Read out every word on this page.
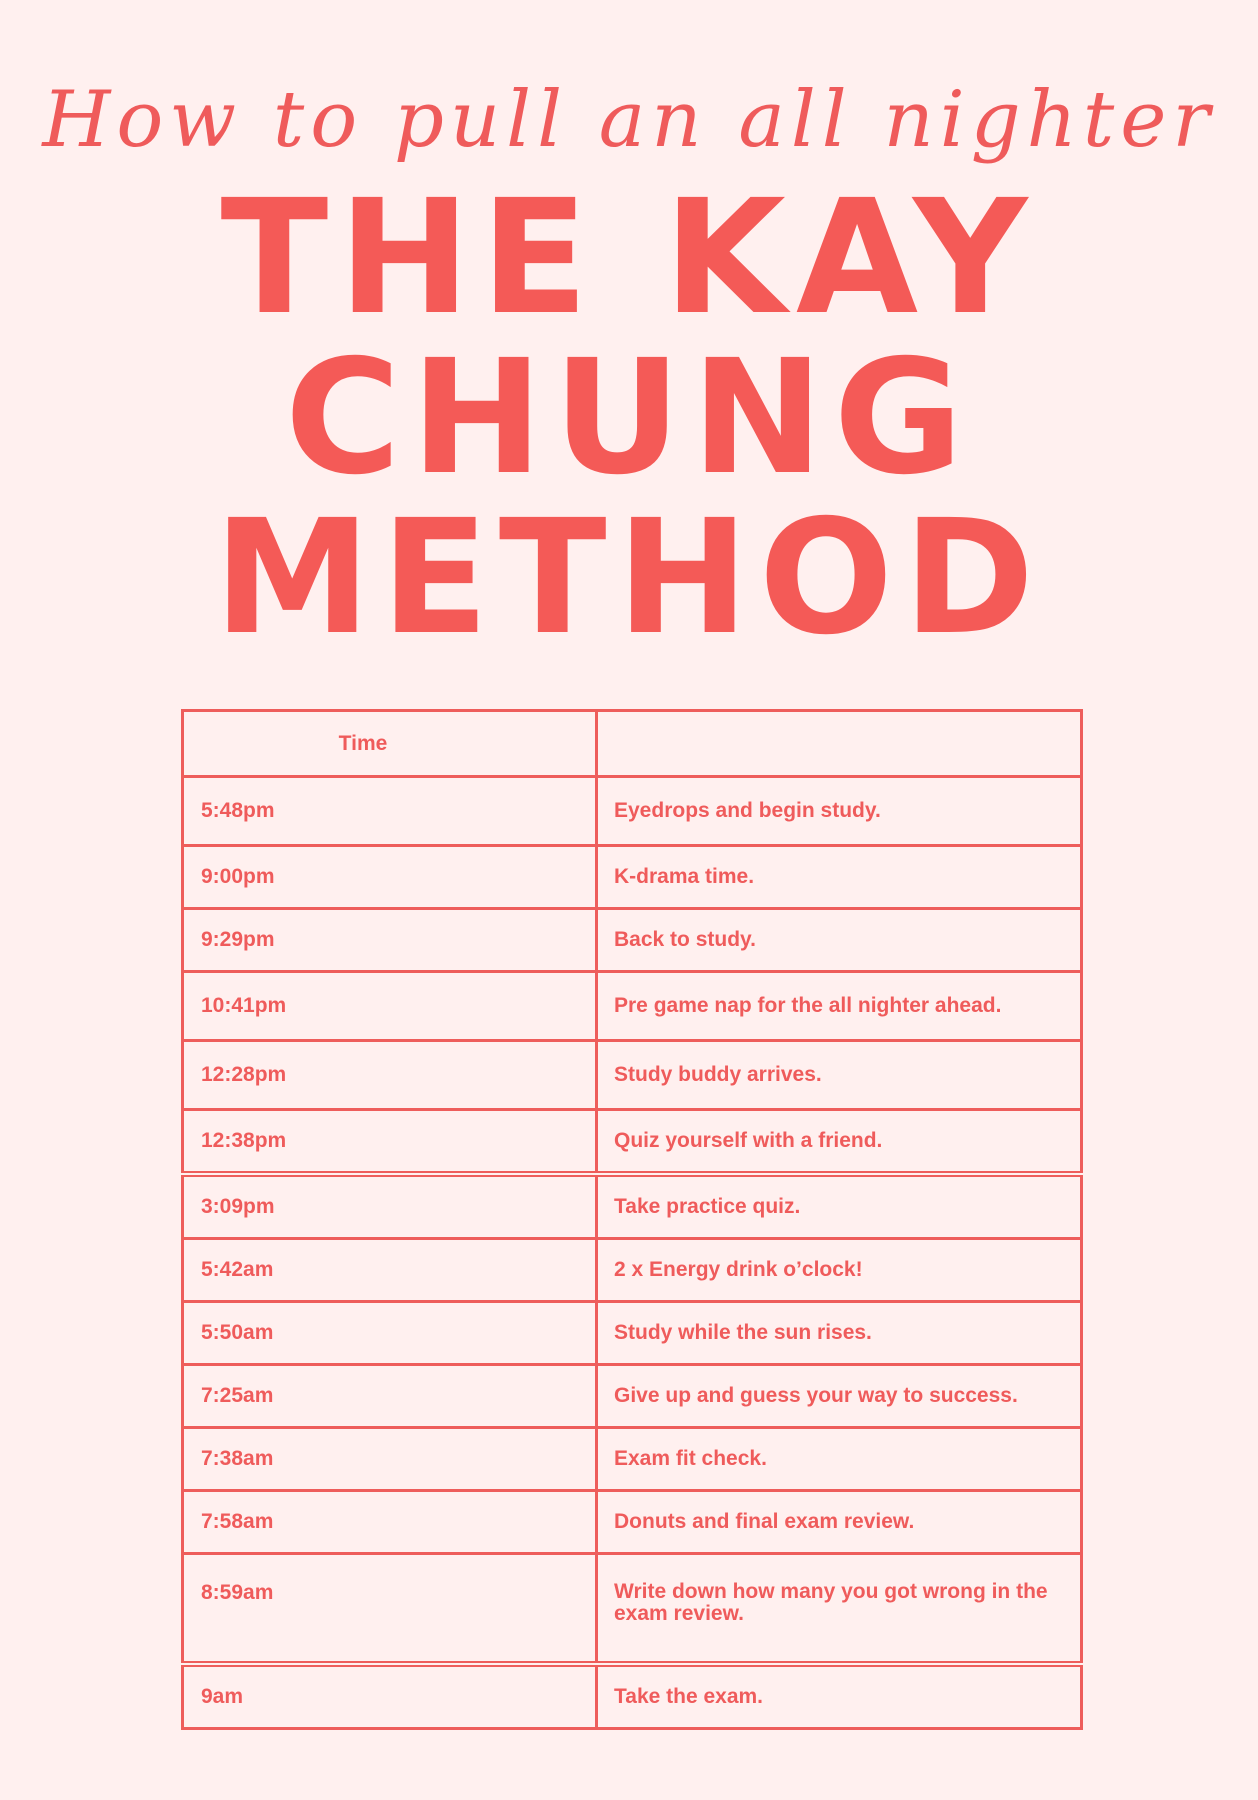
How to pull an all nighter
THE KAY
CHUNG
METHOD
Time	
5:48pm	Eyedrops and begin study.
9:00pm	K-drama time.
9:29pm	Back to study.
10:41pm	Pre game nap for the all nighter ahead.
12:28pm	Study buddy arrives.
12:38pm	Quiz yourself with a friend.
3:09pm	Take practice quiz.
5:42am	2 x Energy drink o’clock!
5:50am	Study while the sun rises.
7:25am	Give up and guess your way to success.
7:38am	Exam fit check.
7:58am	Donuts and final exam review.
8:59am	Write down how many you got wrong in the exam review.
9am	Take the exam.
